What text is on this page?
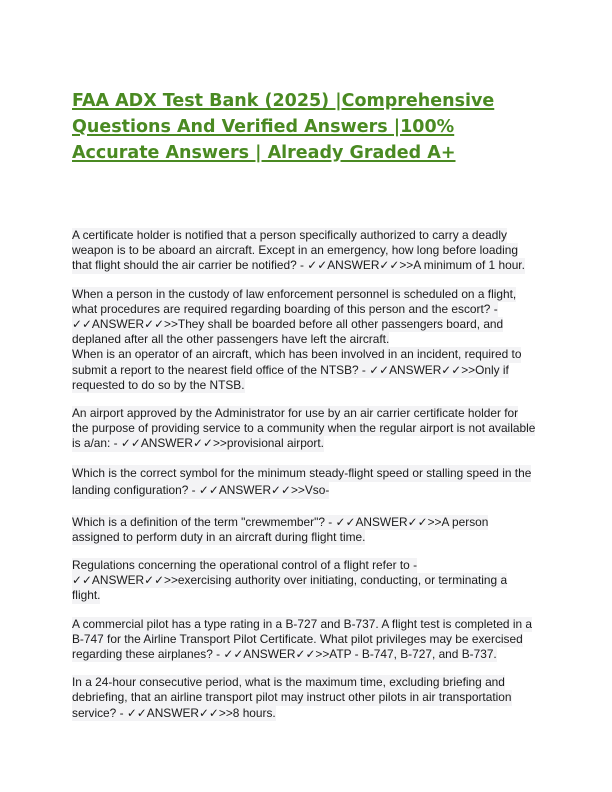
FAA ADX Test Bank (2025) |Comprehensive Questions And Verified Answers |100% Accurate Answers | Already Graded A+
A certificate holder is notified that a person specifically authorized to carry a deadly
weapon is to be aboard an aircraft. Except in an emergency, how long before loading
that flight should the air carrier be notified? - ✓✓ANSWER✓✓>>A minimum of 1 hour.
When a person in the custody of law enforcement personnel is scheduled on a flight,
what procedures are required regarding boarding of this person and the escort? -
✓✓ANSWER✓✓>>They shall be boarded before all other passengers board, and
deplaned after all the other passengers have left the aircraft.
When is an operator of an aircraft, which has been involved in an incident, required to
submit a report to the nearest field office of the NTSB? - ✓✓ANSWER✓✓>>Only if
requested to do so by the NTSB.
An airport approved by the Administrator for use by an air carrier certificate holder for
the purpose of providing service to a community when the regular airport is not available
is a/an: - ✓✓ANSWER✓✓>>provisional airport.
Which is the correct symbol for the minimum steady-flight speed or stalling speed in the
landing configuration? - ✓✓ANSWER✓✓>>Vso-
Which is a definition of the term "crewmember"? - ✓✓ANSWER✓✓>>A person
assigned to perform duty in an aircraft during flight time.
Regulations concerning the operational control of a flight refer to -
✓✓ANSWER✓✓>>exercising authority over initiating, conducting, or terminating a
flight.
A commercial pilot has a type rating in a B-727 and B-737. A flight test is completed in a
B-747 for the Airline Transport Pilot Certificate. What pilot privileges may be exercised
regarding these airplanes? - ✓✓ANSWER✓✓>>ATP - B-747, B-727, and B-737.
In a 24-hour consecutive period, what is the maximum time, excluding briefing and
debriefing, that an airline transport pilot may instruct other pilots in air transportation
service? - ✓✓ANSWER✓✓>>8 hours.
